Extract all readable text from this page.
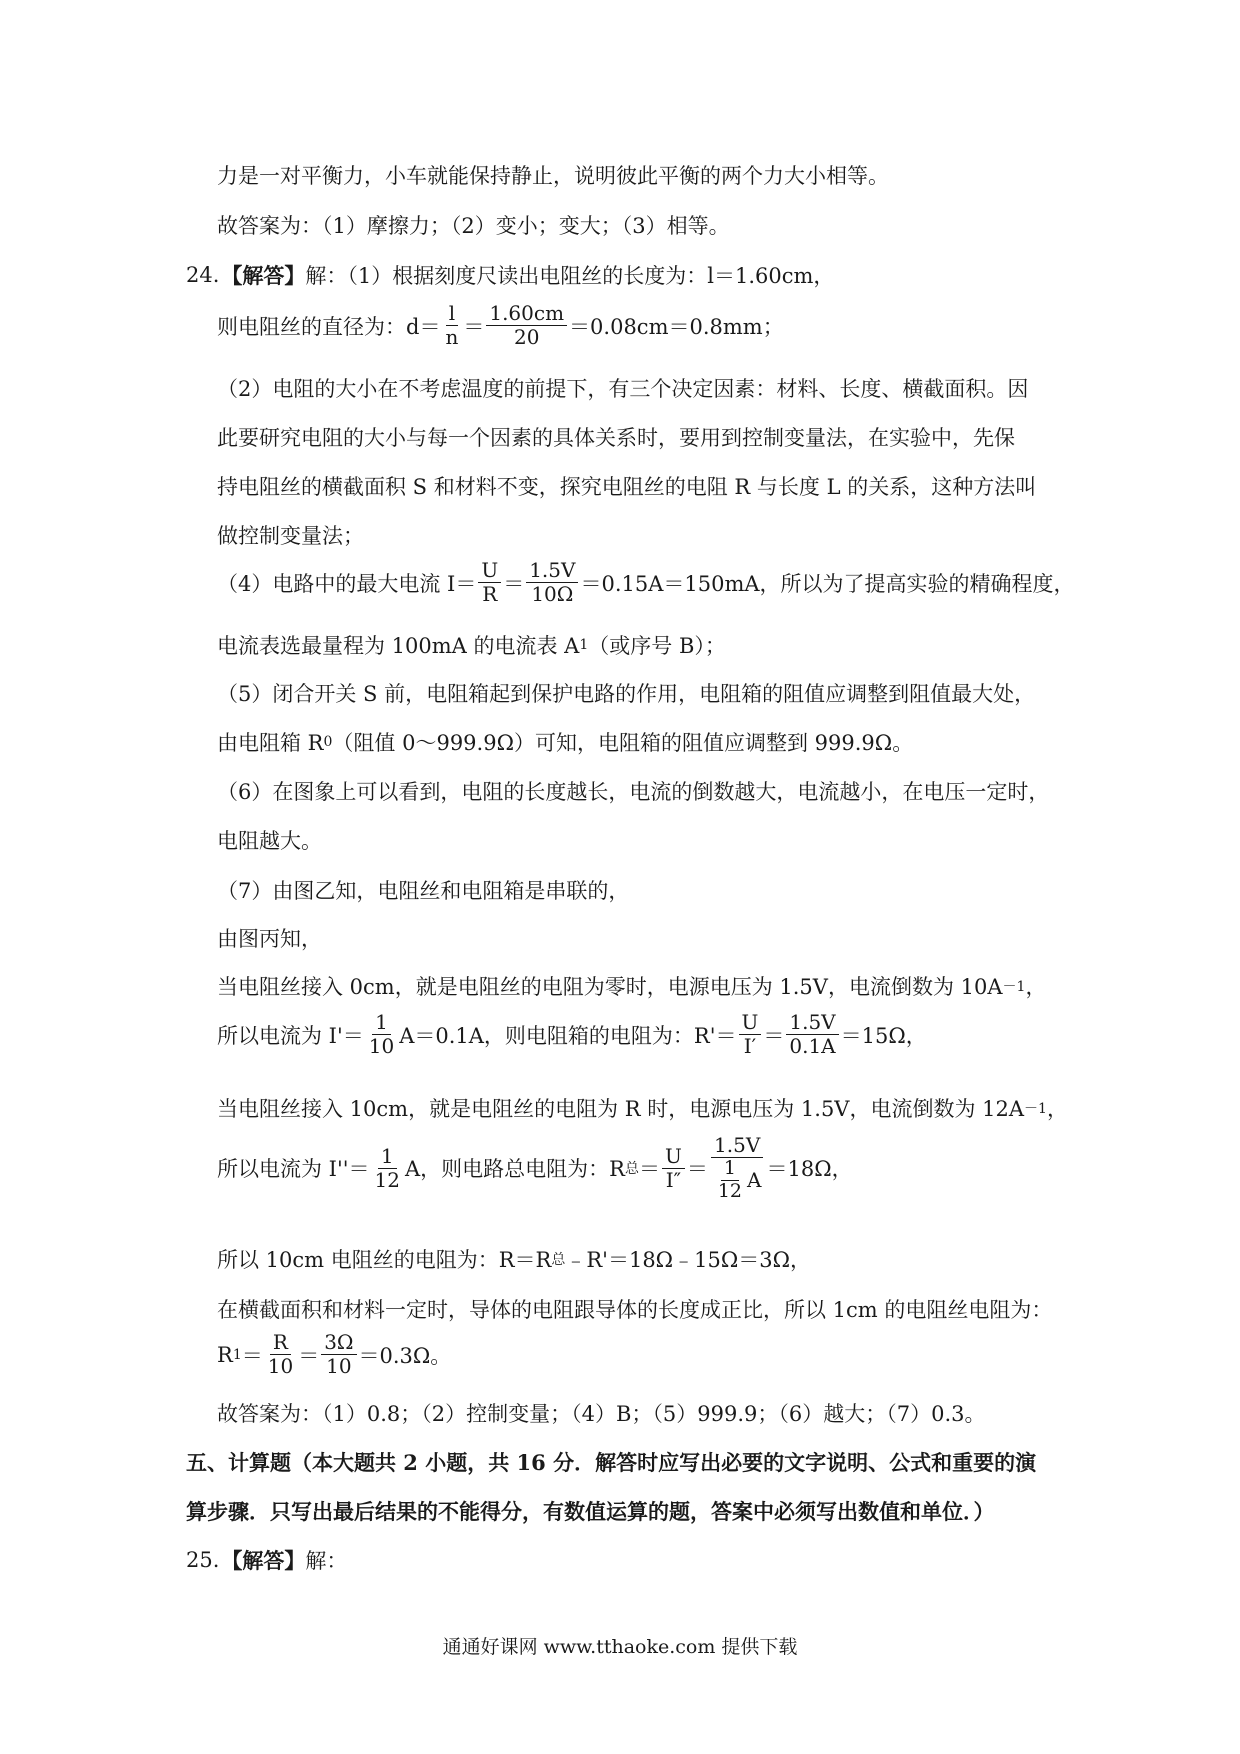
力是一对平衡力，小车就能保持静止，说明彼此平衡的两个力大小相等。
故答案为：（1）摩擦力；（2）变小；变大；（3）相等。
24. 【解答】 解：（1）根据刻度尺读出电阻丝的长度为：l＝1.60cm，
则电阻丝的直径为：$d= \frac{l}{n} = \frac{1.60cm}{20} =0.08cm=0.8mm$；
（2）电阻的大小在不考虑温度的前提下，有三个决定因素：材料、长度、横截面积。因
此要研究电阻的大小与每一个因素的具体关系时，要用到控制变量法，在实验中，先保
持电阻丝的横截面积 S 和材料不变，探究电阻丝的电阻 R 与长度 L 的关系，这种方法叫
做控制变量法；
（4）电路中的最大电流 $I= \frac{U}{R} = \frac{1.5V}{10\Omega} =0.15A=150mA$，所以为了提高实验的精确程度，
电流表选最量程为 100mA 的电流表 A 1 （或序号 B）；
（5）闭合开关 S 前，电阻箱起到保护电路的作用，电阻箱的阻值应调整到阻值最大处，
由电阻箱 R 0 （阻值 0～999.9Ω）可知，电阻箱的阻值应调整到 999.9Ω。
（6）在图象上可以看到，电阻的长度越长，电流的倒数越大，电流越小，在电压一定时，
电阻越大。
（7）由图乙知，电阻丝和电阻箱是串联的，
由图丙知，
当电阻丝接入 0cm，就是电阻丝的电阻为零时，电源电压为 1.5V，电流倒数为 10A －1 ，
所以电流为 $I'= \frac{1}{10} A=0.1A$，则电阻箱的电阻为：$R'= \frac{U}{I'} = \frac{1.5V}{0.1A} =15\Omega$，
当电阻丝接入 10cm，就是电阻丝的电阻为 R 时，电源电压为 1.5V，电流倒数为 12A －1 ，
所以电流为 $I''= \frac{1}{12}$ A，则电路总电阻为：R 总 ＝ $\frac{U}{I''} = \frac{1.5V}{\frac{1}{12} A} =18\Omega$，
所以 10cm 电阻丝的电阻为：R＝R 总 ﹣R'＝18Ω﹣15Ω＝3Ω，
在横截面积和材料一定时，导体的电阻跟导体的长度成正比，所以 1cm 的电阻丝电阻为：
R $1 = \frac{R}{10} = \frac{3\Omega}{10} =0.3\Omega$。
故答案为：（1）0.8；（2）控制变量；（4）B；（5）999.9；（6）越大；（7）0.3。
五、计算题（本大题共 2 小题，共 16 分．解答时应写出必要的文字说明、公式和重要的演
算步骤．只写出最后结果的不能得分，有数值运算的题，答案中必须写出数值和单位．）
25. 【解答】 解：
通通好课网 www.tthaoke.com 提供下载
